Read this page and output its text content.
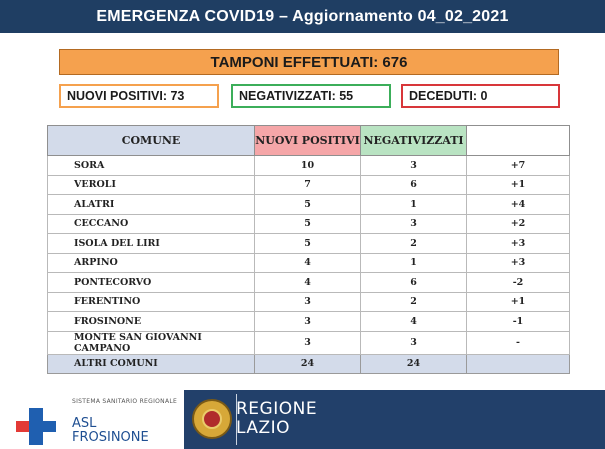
EMERGENZA COVID19 – Aggiornamento 04_02_2021
TAMPONI EFFETTUATI: 676
NUOVI POSITIVI: 73	NEGATIVIZZATI: 55	DECEDUTI: 0
COMUNE	NUOVI POSITIVI	NEGATIVIZZATI	
SORA	10	3	+7
VEROLI	7	6	+1
ALATRI	5	1	+4
CECCANO	5	3	+2
ISOLA DEL LIRI	5	2	+3
ARPINO	4	1	+3
PONTECORVO	4	6	-2
FERENTINO	3	2	+1
FROSINONE	3	4	-1
MONTE SAN GIOVANNI CAMPANO	3	3	-
ALTRI COMUNI	24	24	
SISTEMA SANITARIO REGIONALE
ASL
FROSINONE
REGIONE
LAZIO
